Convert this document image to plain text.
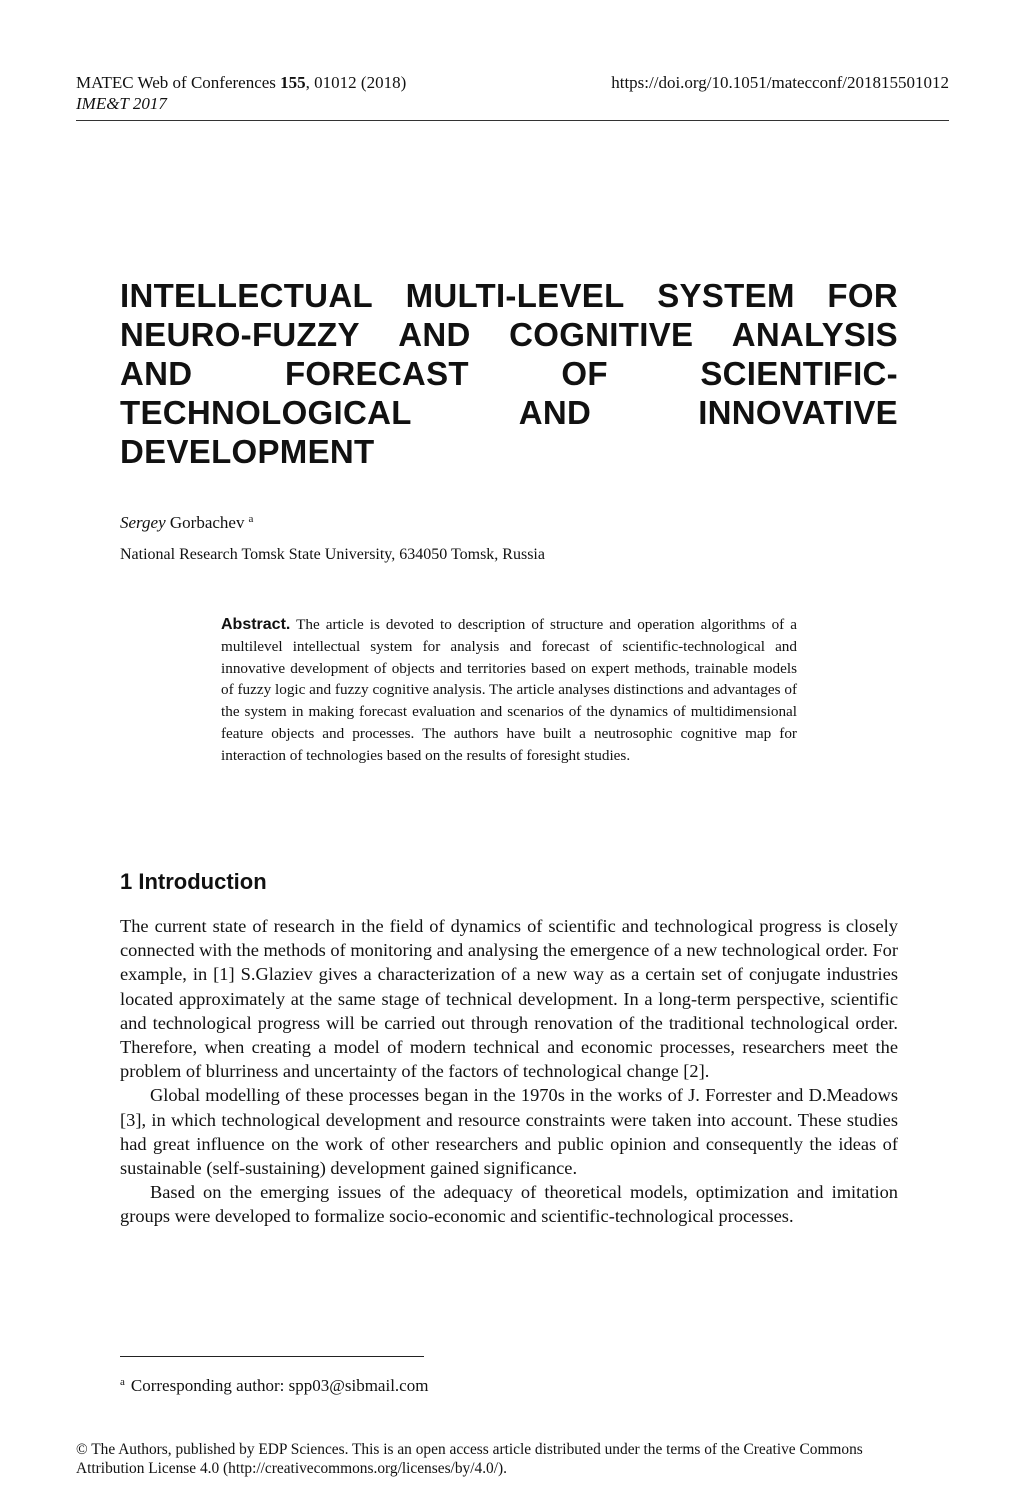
MATEC Web of Conferences 155, 01012 (2018)
IME&T 2017
https://doi.org/10.1051/matecconf/201815501012
INTELLECTUAL MULTI-LEVEL SYSTEM FOR
NEURO-FUZZY AND COGNITIVE ANALYSIS
AND	FORECAST	OF	SCIENTIFIC-
TECHNOLOGICAL	AND	INNOVATIVE
DEVELOPMENT
Sergey Gorbachev $^a$
National Research Tomsk State University, 634050 Tomsk, Russia
Abstract. The article is devoted to description of structure and operation algorithms of a multilevel intellectual system for analysis and forecast of scientific-technological and innovative development of objects and territories based on expert methods, trainable models of fuzzy logic and fuzzy cognitive analysis. The article analyses distinctions and advantages of the system in making forecast evaluation and scenarios of the dynamics of multidimensional feature objects and processes. The authors have built a neutrosophic cognitive map for interaction of technologies based on the results of foresight studies.
1 Introduction

The current state of research in the field of dynamics of scientific and technological progress is closely connected with the methods of monitoring and analysing the emergence of a new technological order. For example, in [1] S.Glaziev gives a characterization of a new way as a certain set of conjugate industries located approximately at the same stage of technical development. In a long-term perspective, scientific and technological progress will be carried out through renovation of the traditional technological order. Therefore, when creating a model of modern technical and economic processes, researchers meet the problem of blurriness and uncertainty of the factors of technological change [2].

Global modelling of these processes began in the 1970s in the works of J. Forrester and D.Meadows [3], in which technological development and resource constraints were taken into account. These studies had great influence on the work of other researchers and public opinion and consequently the ideas of sustainable (self-sustaining) development gained significance.

Based on the emerging issues of the adequacy of theoretical models, optimization and imitation groups were developed to formalize socio-economic and scientific-technological processes.

$^a$ Corresponding author: spp03@sibmail.com
© The Authors, published by EDP Sciences. This is an open access article distributed under the terms of the Creative Commons
Attribution License 4.0 (http://creativecommons.org/licenses/by/4.0/).
